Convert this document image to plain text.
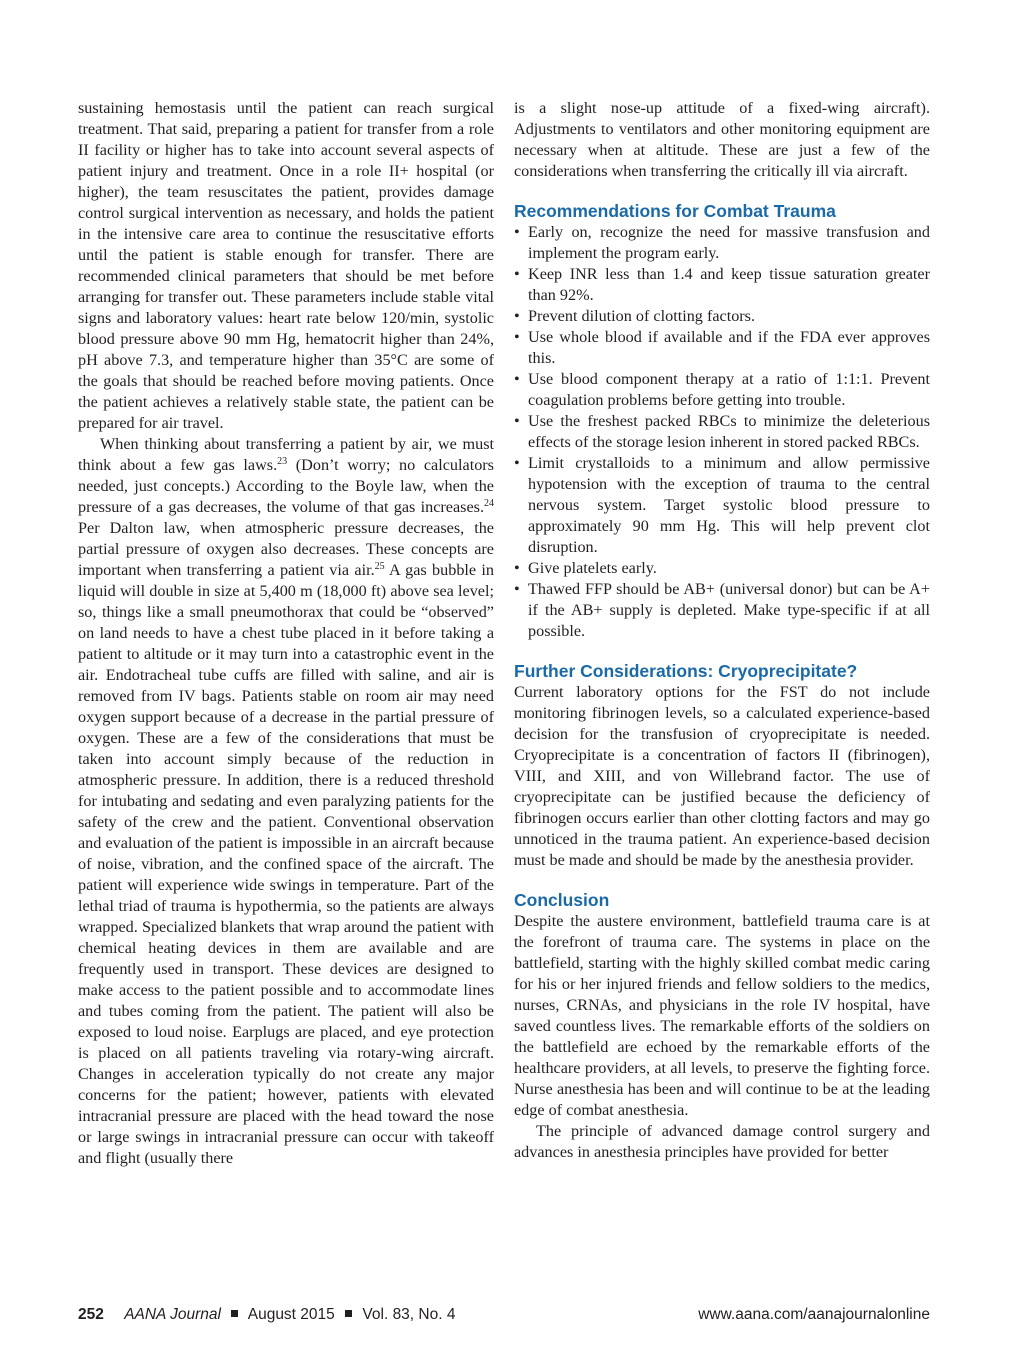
sustaining hemostasis until the patient can reach surgical treatment. That said, preparing a patient for transfer from a role II facility or higher has to take into account several aspects of patient injury and treatment. Once in a role II+ hospital (or higher), the team resuscitates the patient, provides damage control surgical intervention as necessary, and holds the patient in the intensive care area to continue the resuscitative efforts until the patient is stable enough for transfer. There are recommended clinical parameters that should be met before arranging for transfer out. These parameters include stable vital signs and laboratory values: heart rate below 120/min, systolic blood pressure above 90 mm Hg, hematocrit higher than 24%, pH above 7.3, and temperature higher than 35°C are some of the goals that should be reached before moving patients. Once the patient achieves a relatively stable state, the patient can be prepared for air travel.

When thinking about transferring a patient by air, we must think about a few gas laws.$^{23}$ (Don’t worry; no calculators needed, just concepts.) According to the Boyle law, when the pressure of a gas decreases, the volume of that gas increases.$^{24}$ Per Dalton law, when atmospheric pressure decreases, the partial pressure of oxygen also decreases. These concepts are important when transferring a patient via air.$^{25}$ A gas bubble in liquid will double in size at 5,400 m (18,000 ft) above sea level; so, things like a small pneumothorax that could be “observed” on land needs to have a chest tube placed in it before taking a patient to altitude or it may turn into a catastrophic event in the air. Endotracheal tube cuffs are filled with saline, and air is removed from IV bags. Patients stable on room air may need oxygen support because of a decrease in the partial pressure of oxygen. These are a few of the considerations that must be taken into account simply because of the reduction in atmospheric pressure. In addition, there is a reduced threshold for intubating and sedating and even paralyzing patients for the safety of the crew and the patient. Conventional observation and evaluation of the patient is impossible in an aircraft because of noise, vibration, and the confined space of the aircraft. The patient will experience wide swings in temperature. Part of the lethal triad of trauma is hypothermia, so the patients are always wrapped. Specialized blankets that wrap around the patient with chemical heating devices in them are available and are frequently used in transport. These devices are designed to make access to the patient possible and to accommodate lines and tubes coming from the patient. The patient will also be exposed to loud noise. Earplugs are placed, and eye protection is placed on all patients traveling via rotary-wing aircraft. Changes in acceleration typically do not create any major concerns for the patient; however, patients with elevated intracranial pressure are placed with the head toward the nose or large swings in intracranial pressure can occur with takeoff and flight (usually there

is a slight nose-up attitude of a fixed-wing aircraft). Adjustments to ventilators and other monitoring equipment are necessary when at altitude. These are just a few of the considerations when transferring the critically ill via aircraft.

Recommendations for Combat Trauma
• Early on, recognize the need for massive transfusion and implement the program early.
• Keep INR less than 1.4 and keep tissue saturation greater than 92%.
• Prevent dilution of clotting factors.
• Use whole blood if available and if the FDA ever approves this.
• Use blood component therapy at a ratio of 1:1:1. Prevent coagulation problems before getting into trouble.
• Use the freshest packed RBCs to minimize the deleterious effects of the storage lesion inherent in stored packed RBCs.
• Limit crystalloids to a minimum and allow permissive hypotension with the exception of trauma to the central nervous system. Target systolic blood pressure to approximately 90 mm Hg. This will help prevent clot disruption.
• Give platelets early.
• Thawed FFP should be AB+ (universal donor) but can be A+ if the AB+ supply is depleted. Make type-specific if at all possible.
Further Considerations: Cryoprecipitate?

Current laboratory options for the FST do not include monitoring fibrinogen levels, so a calculated experience-based decision for the transfusion of cryoprecipitate is needed. Cryoprecipitate is a concentration of factors II (fibrinogen), VIII, and XIII, and von Willebrand factor. The use of cryoprecipitate can be justified because the deficiency of fibrinogen occurs earlier than other clotting factors and may go unnoticed in the trauma patient. An experience-based decision must be made and should be made by the anesthesia provider.

Conclusion

Despite the austere environment, battlefield trauma care is at the forefront of trauma care. The systems in place on the battlefield, starting with the highly skilled combat medic caring for his or her injured friends and fellow soldiers to the medics, nurses, CRNAs, and physicians in the role IV hospital, have saved countless lives. The remarkable efforts of the soldiers on the battlefield are echoed by the remarkable efforts of the healthcare providers, at all levels, to preserve the fighting force. Nurse anesthesia has been and will continue to be at the leading edge of combat anesthesia.

The principle of advanced damage control surgery and advances in anesthesia principles have provided for better

252 AANA Journal August 2015 Vol. 83, No. 4	www.aana.com/aanajournalonline
